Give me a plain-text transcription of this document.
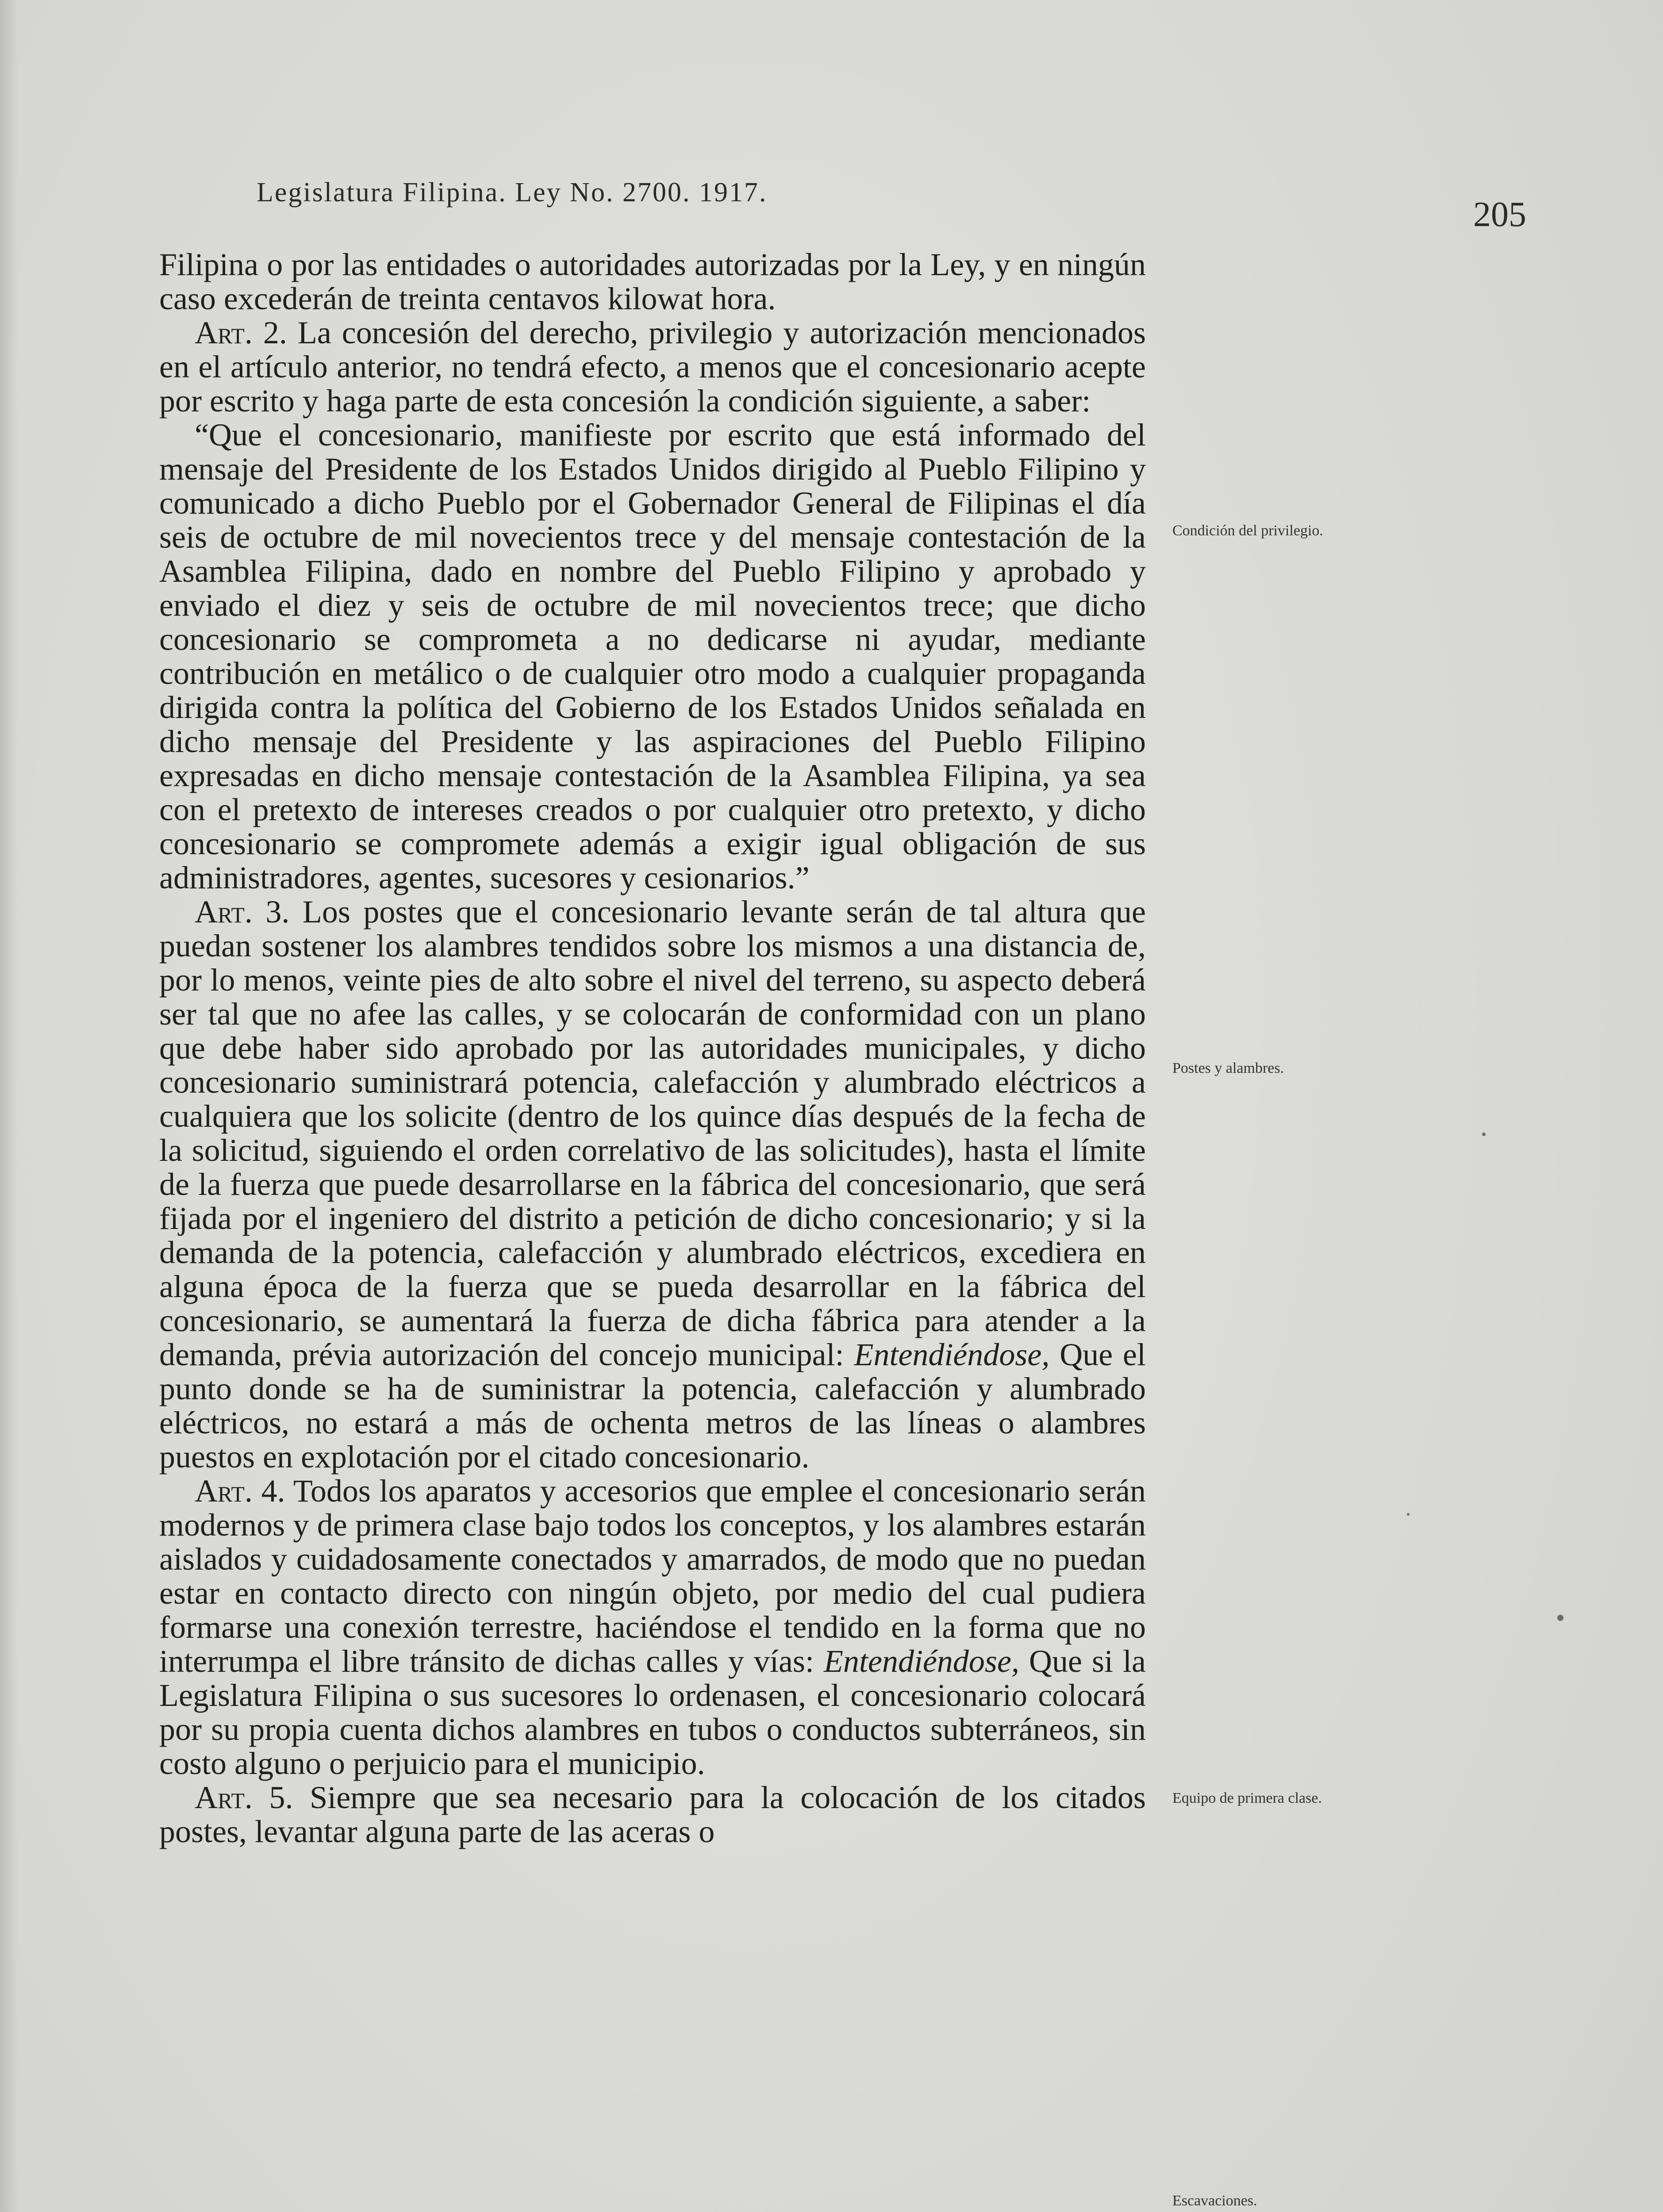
Legislatura Filipina. Ley No. 2700. 1917.
205

Filipina o por las entidades o autoridades autorizadas por la Ley, y en ningún caso excederán de treinta centavos kilowat hora.

Art. 2. La concesión del derecho, privilegio y autorización mencionados en el artículo anterior, no tendrá efecto, a menos que el concesionario acepte por escrito y haga parte de esta concesión la condición siguiente, a saber:

“Que el concesionario, manifieste por escrito que está informado del mensaje del Presidente de los Estados Unidos dirigido al Pueblo Filipino y comunicado a dicho Pueblo por el Gobernador General de Filipinas el día seis de octubre de mil novecientos trece y del mensaje contestación de la Asamblea Filipina, dado en nombre del Pueblo Filipino y aprobado y enviado el diez y seis de octubre de mil novecientos trece; que dicho concesionario se comprometa a no dedicarse ni ayudar, mediante contribución en metálico o de cualquier otro modo a cualquier propaganda dirigida contra la política del Gobierno de los Estados Unidos señalada en dicho mensaje del Presidente y las aspiraciones del Pueblo Filipino expresadas en dicho mensaje contestación de la Asamblea Filipina, ya sea con el pretexto de intereses creados o por cualquier otro pretexto, y dicho concesionario se compromete además a exigir igual obligación de sus administradores, agentes, sucesores y cesionarios.”

Art. 3. Los postes que el concesionario levante serán de tal altura que puedan sostener los alambres tendidos sobre los mismos a una distancia de, por lo menos, veinte pies de alto sobre el nivel del terreno, su aspecto deberá ser tal que no afee las calles, y se colocarán de conformidad con un plano que debe haber sido aprobado por las autoridades municipales, y dicho concesionario suministrará potencia, calefacción y alumbrado eléctricos a cualquiera que los solicite (dentro de los quince días después de la fecha de la solicitud, siguiendo el orden correlativo de las solicitudes), hasta el límite de la fuerza que puede desarrollarse en la fábrica del concesionario, que será fijada por el ingeniero del distrito a petición de dicho concesionario; y si la demanda de la potencia, calefacción y alumbrado eléctricos, excediera en alguna época de la fuerza que se pueda desarrollar en la fábrica del concesionario, se aumentará la fuerza de dicha fábrica para atender a la demanda, prévia autorización del concejo municipal: Entendiéndose, Que el punto donde se ha de suministrar la potencia, calefacción y alumbrado eléctricos, no estará a más de ochenta metros de las líneas o alambres puestos en explotación por el citado concesionario.

Art. 4. Todos los aparatos y accesorios que emplee el concesionario serán modernos y de primera clase bajo todos los conceptos, y los alambres estarán aislados y cuidadosamente conectados y amarrados, de modo que no puedan estar en contacto directo con ningún objeto, por medio del cual pudiera formarse una conexión terrestre, haciéndose el tendido en la forma que no interrumpa el libre tránsito de dichas calles y vías: Entendiéndose, Que si la Legislatura Filipina o sus sucesores lo ordenasen, el concesionario colocará por su propia cuenta dichos alambres en tubos o conductos subterráneos, sin costo alguno o perjuicio para el municipio.

Art. 5. Siempre que sea necesario para la colocación de los citados postes, levantar alguna parte de las aceras o

Condición del privilegio.
Postes y alambres.
Equipo de primera clase.
Escavaciones.
